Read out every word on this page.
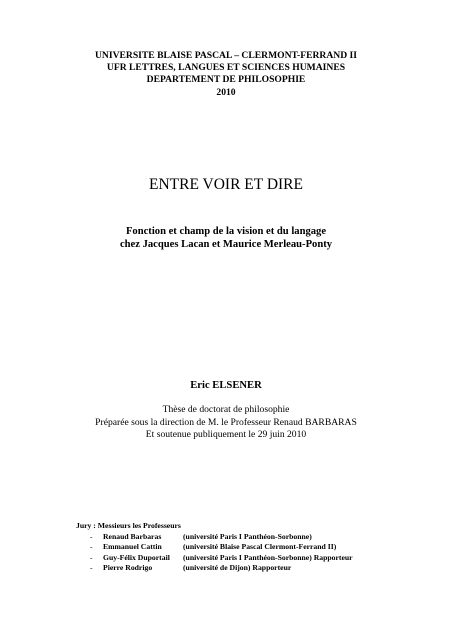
UNIVERSITE BLAISE PASCAL – CLERMONT-FERRAND II
UFR LETTRES, LANGUES ET SCIENCES HUMAINES
DEPARTEMENT DE PHILOSOPHIE
2010
ENTRE VOIR ET DIRE
Fonction et champ de la vision et du langage
chez Jacques Lacan et Maurice Merleau-Ponty
Eric ELSENER
Thèse de doctorat de philosophie
Préparée sous la direction de M. le Professeur Renaud BARBARAS
Et soutenue publiquement le 29 juin 2010
Jury : Messieurs les Professeurs
- Renaud Barbaras	(université Paris I Panthéon-Sorbonne)
- Emmanuel Cattin	(université Blaise Pascal Clermont-Ferrand II)
- Guy-Félix Duportail (université Paris I Panthéon-Sorbonne) Rapporteur
- Pierre Rodrigo	(université de Dijon) Rapporteur
